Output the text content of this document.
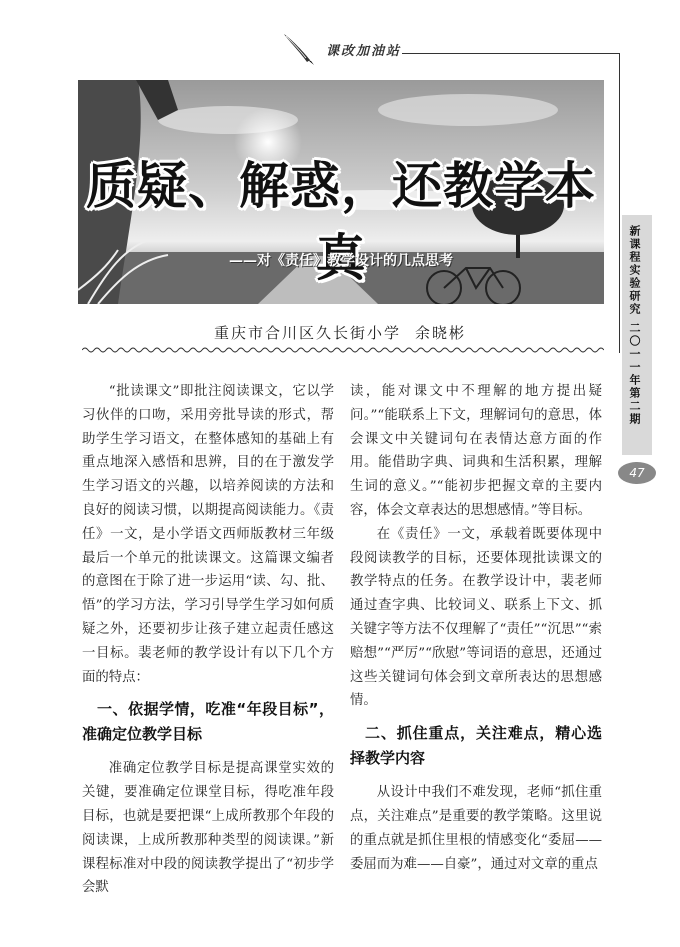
课改加油站
质疑、解惑，还教学本真
——对《责任》教学设计的几点思考
重庆市合川区久长街小学 余晓彬
新课程实验研究
二〇一一年第二期
47

“批读课文”即批注阅读课文，它以学习伙伴的口吻，采用旁批导读的形式，帮助学生学习语文，在整体感知的基础上有重点地深入感悟和思辨，目的在于激发学生学习语文的兴趣，以培养阅读的方法和良好的阅读习惯，以期提高阅读能力。《责任》一文，是小学语文西师版教材三年级最后一个单元的批读课文。这篇课文编者的意图在于除了进一步运用“读、勾、批、悟”的学习方法，学习引导学生学习如何质疑之外，还要初步让孩子建立起责任感这一目标。裴老师的教学设计有以下几个方面的特点：

一、依据学情，吃准“年段目标”，准确定位教学目标

准确定位教学目标是提高课堂实效的关键，要准确定位课堂目标，得吃准年段目标，也就是要把课“上成所教那个年段的阅读课，上成所教那种类型的阅读课。”新课程标准对中段的阅读教学提出了“初步学会默

读，能对课文中不理解的地方提出疑问。”“能联系上下文，理解词句的意思，体会课文中关键词句在表情达意方面的作用。能借助字典、词典和生活积累，理解生词的意义。”“能初步把握文章的主要内容，体会文章表达的思想感情。”等目标。

在《责任》一文，承载着既要体现中段阅读教学的目标，还要体现批读课文的教学特点的任务。在教学设计中，裴老师通过查字典、比较词义、联系上下文、抓关键字等方法不仅理解了“责任”“沉思”“索赔想”“严厉”“欣慰”等词语的意思，还通过这些关键词句体会到文章所表达的思想感情。

二、抓住重点，关注难点，精心选择教学内容

从设计中我们不难发现，老师“抓住重点，关注难点”是重要的教学策略。这里说的重点就是抓住里根的情感变化“委屈——委屈而为难——自豪”，通过对文章的重点
